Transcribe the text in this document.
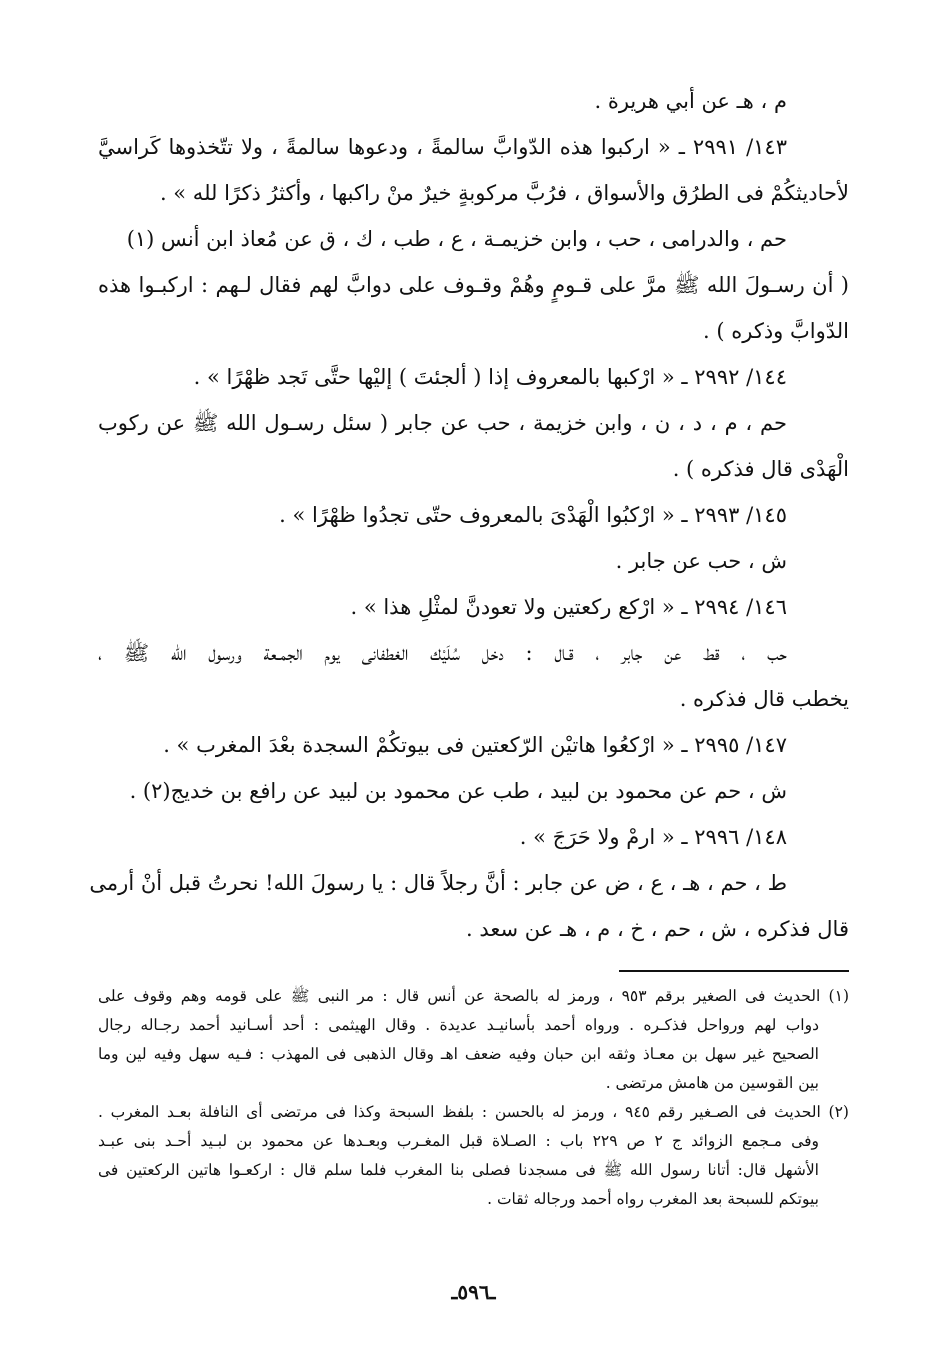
م ، هـ عن أبي هريرة .

١٤٣/ ٢٩٩١ ـ « اركبوا هذه الدّوابَّ سالمةً ، ودعوها سالمةً ، ولا تتّخذوها كَراسيَّ

لأحاديثكُمْ فى الطرُق والأسواق ، فرُبَّ مركوبةٍ خيرٌ منْ راكبها ، وأكثرُ ذكرًا لله » .

حم ، والدرامى ، حب ، وابن خزيمـة ، ع ، طب ، ك ، ق عن مُعاذ ابن أنس (١)

( أن رسـولَ الله ﷺ مرَّ على قـومٍ وهُمْ وقـوف على دوابَّ لهم فقال لـهم : اركبـوا هذه

الدّوابَّ وذكره ) .

١٤٤/ ٢٩٩٢ ـ « ارْكبها بالمعروف إذا ( ألجئتَ ) إليْها حتَّى تَجد ظهْرًا » .

حم ، م ، د ، ن ، وابن خزيمة ، حب عن جابر ( سئل رسـول الله ﷺ عن ركوب

الْهَدْى قال فذكره ) .

١٤٥/ ٢٩٩٣ ـ « ارْكبُوا الْهَدْىَ بالمعروف حتّى تجدُوا ظهْرًا » .

ش ، حب عن جابر .

١٤٦/ ٢٩٩٤ ـ « ارْكع ركعتين ولا تعودنَّ لمثْلِ هذا » .

حب ، قط عن جابر ، قـال : دخل سُلَيْك الغطفانى يوم الجمـعة ورسول الله ﷺ ،

يخطب قال فذكره .

١٤٧/ ٢٩٩٥ ـ « ارْكعُوا هاتيْن الرّكعتين فى بيوتكُمْ السجدة بعْدَ المغرب » .

ش ، حم عن محمود بن لبيد ، طب عن محمود بن لبيد عن رافع بن خديج(٢) .

١٤٨/ ٢٩٩٦ ـ « ارمْ ولا حَرَجَ » .

ط ، حم ، هـ ، ع ، ض عن جابر : أنَّ رجلاً قال : يا رسولَ الله! نحرتُ قبل أنْ أرمى

قال فذكره ، ش ، حم ، خ ، م ، هـ عن سعد .

(١) الحديث فى الصغير برقم ٩٥٣ ، ورمز له بالصحة عن أنس قال : مر النبى ﷺ على قومه وهم وقوف على

دواب لهم ورواحل فذكـره . ورواه أحمد بأسانيـد عديدة . وقال الهيثمى : أحد أسـانيد أحمد رجـاله رجال

الصحيح غير سهل بن معـاذ وثقه ابن حبان وفيه ضعف اهـ وقال الذهبى فى المهذب : فـيه سهل وفيه لين وما

بين القوسين من هامش مرتضى .

(٢) الحديث فى الصـغير رقم ٩٤٥ ، ورمز له بالحسن : بلفظ السبحة وكذا فى مرتضى أى النافلة بعـد المغرب .

وفى مـجمع الزوائد ج ٢ ص ٢٢٩ باب : الصـلاة قبل المغـرب وبعـدها عن محمود بن لبـيد أحـد بنى عبـد

الأشهل قال: أتانا رسول الله ﷺ فى مسجدنا فصلى بنا المغرب فلما سلم قال : اركعـوا هاتين الركعتين فى

بيوتكم للسبحة بعد المغرب رواه أحمد ورجاله ثقات .

ـ٥٩٦ـ
